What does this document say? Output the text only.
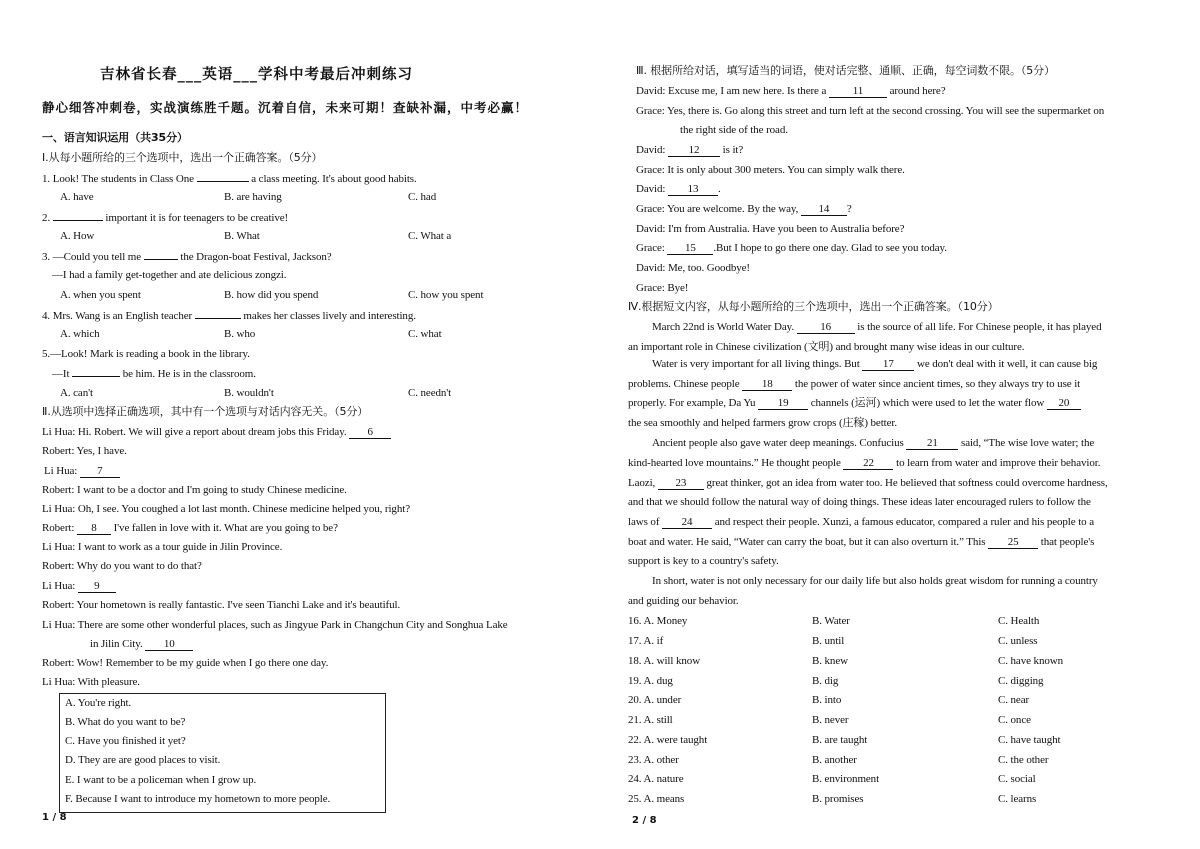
吉林省长春___英语___学科中考最后冲刺练习
静心细答冲刺卷，实战演练胜千题。沉着自信，未来可期！查缺补漏，中考必赢！
一、语言知识运用（共35分）
Ⅰ.从每小题所给的三个选项中，选出一个正确答案。（5分）
1. Look! The students in Class One	a class meeting. It's about good habits.
A. have	B. are having	C. had
2.	important it is for teenagers to be creative!
A. How	B. What	C. What a
3. —Could you tell me	the Dragon-boat Festival, Jackson?
—I had a family get-together and ate delicious zongzi.
A. when you spent	B. how did you spend	C. how you spent
4. Mrs. Wang is an English teacher	makes her classes lively and interesting.
A. which	B. who	C. what
5.—Look! Mark is reading a book in the library.
—It	be him. He is in the classroom.
A. can't	B. wouldn't	C. needn't
Ⅱ.从选项中选择正确选项，其中有一个选项与对话内容无关。（5分）
Li Hua: Hi. Robert. We will give a report about dream jobs this Friday. 6
Robert: Yes, I have.
Li Hua: 7
Robert: I want to be a doctor and I'm going to study Chinese medicine.
Li Hua: Oh, I see. You coughed a lot last month. Chinese medicine helped you, right?
Robert: 8 I've fallen in love with it. What are you going to be?
Li Hua: I want to work as a tour guide in Jilin Province.
Robert: Why do you want to do that?
Li Hua: 9
Robert: Your hometown is really fantastic. I've seen Tianchi Lake and it's beautiful.
Li Hua: There are some other wonderful places, such as Jingyue Park in Changchun City and Songhua Lake
in Jilin City. 10
Robert: Wow! Remember to be my guide when I go there one day.
Li Hua: With pleasure.
A. You're right.
B. What do you want to be?
C. Have you finished it yet?
D. They are are good places to visit.
E. I want to be a policeman when I grow up.
F. Because I want to introduce my hometown to more people.
1 / 8
Ⅲ. 根据所给对话，填写适当的词语，使对话完整、通顺、正确，每空词数不限。（5分）
David: Excuse me, I am new here. Is there a 11 around here?
Grace: Yes, there is. Go along this street and turn left at the second crossing. You will see the supermarket on
the right side of the road.
David: 12 is it?
Grace: It is only about 300 meters. You can simply walk there.
David: 13 .
Grace: You are welcome. By the way, 14 ?
David: I'm from Australia. Have you been to Australia before?
Grace: 15 .But I hope to go there one day. Glad to see you today.
David: Me, too. Goodbye!
Grace: Bye!
Ⅳ.根据短文内容，从每小题所给的三个选项中，选出一个正确答案。（10分）
March 22nd is World Water Day. 16 is the source of all life. For Chinese people, it has played
an important role in Chinese civilization (文明) and brought many wise ideas in our culture.
Water is very important for all living things. But 17 we don't deal with it well, it can cause big
problems. Chinese people 18 the power of water since ancient times, so they always try to use it
properly. For example, Da Yu 19 channels (运河) which were used to let the water flow 20
the sea smoothly and helped farmers grow crops (庄稼) better.
Ancient people also gave water deep meanings. Confucius 21 said, “The wise love water; the
kind-hearted love mountains.” He thought people 22 to learn from water and improve their behavior.
Laozi, 23 great thinker, got an idea from water too. He believed that softness could overcome hardness,
and that we should follow the natural way of doing things. These ideas later encouraged rulers to follow the
laws of 24 and respect their people. Xunzi, a famous educator, compared a ruler and his people to a
boat and water. He said, “Water can carry the boat, but it can also overturn it.” This 25 that people's
support is key to a country's safety.
In short, water is not only necessary for our daily life but also holds great wisdom for running a country
and guiding our behavior.
16. A. Money	B. Water	C. Health
17. A. if	B. until	C. unless
18. A. will know	B. knew	C. have known
19. A. dug	B. dig	C. digging
20. A. under	B. into	C. near
21. A. still	B. never	C. once
22. A. were taught	B. are taught	C. have taught
23. A. other	B. another	C. the other
24. A. nature	B. environment	C. social
25. A. means	B. promises	C. learns
2 / 8
